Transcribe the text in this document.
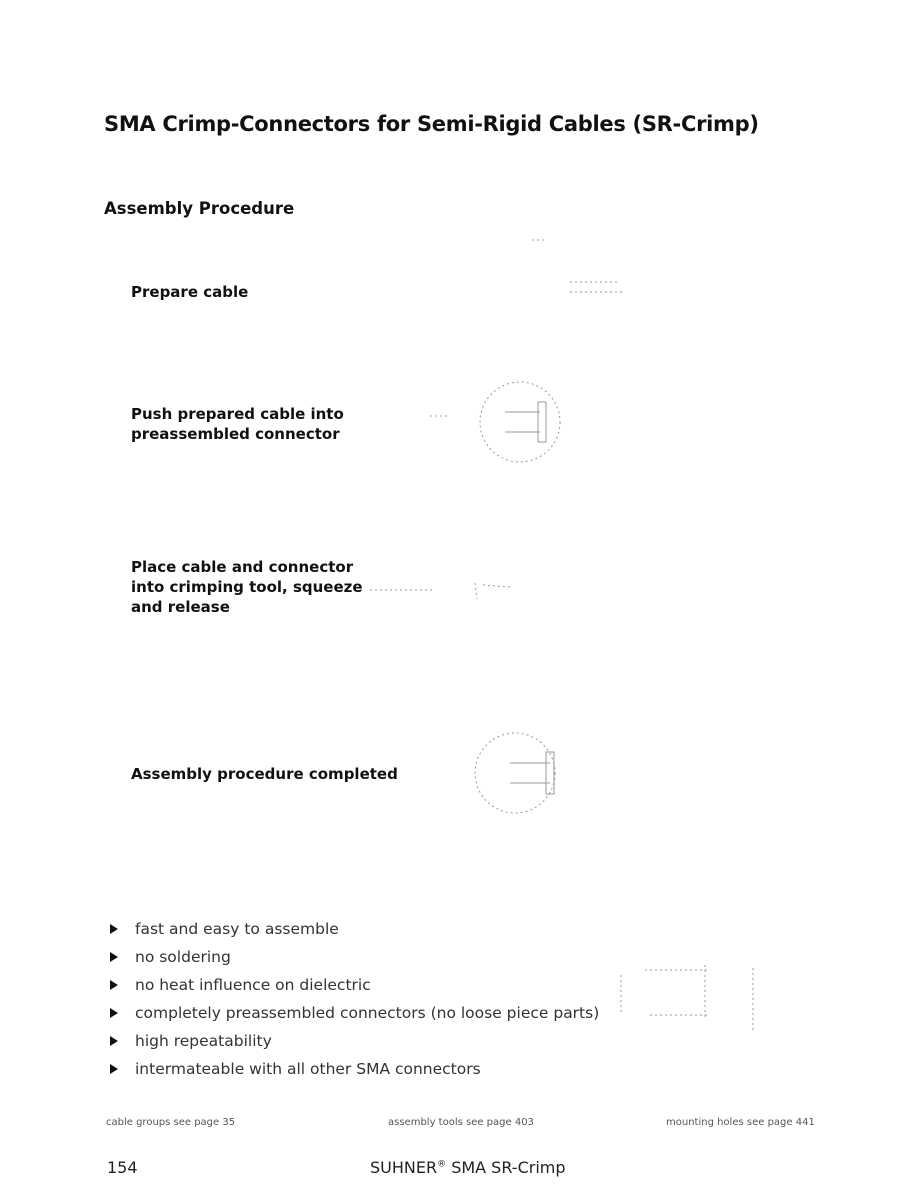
SMA Crimp-Connectors for Semi-Rigid Cables (SR-Crimp)
Assembly Procedure
Prepare cable
Push prepared cable into
preassembled connector
Place cable and connector
into crimping tool, squeeze
and release
Assembly procedure completed
fast and easy to assemble
no soldering
no heat influence on dielectric
completely preassembled connectors (no loose piece parts)
high repeatability
intermateable with all other SMA connectors
cable groups see page 35	assembly tools see page 403	mounting holes see page 441
154	SUHNER® SMA SR-Crimp
